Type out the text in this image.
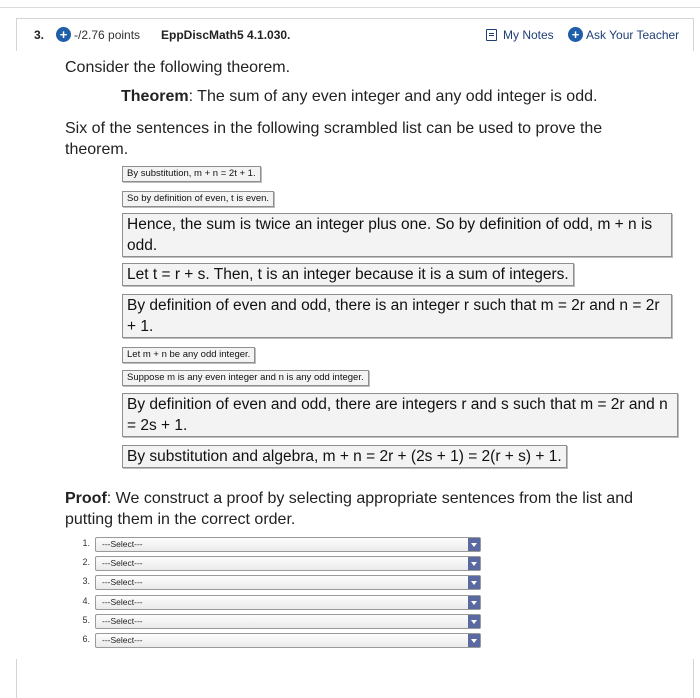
3. + -/2.76 points EppDiscMath5 4.1.030.	My Notes + Ask Your Teacher
Consider the following theorem.
Theorem: The sum of any even integer and any odd integer is odd.
Six of the sentences in the following scrambled list can be used to prove the
theorem.
By substitution, m + n = 2t + 1.
So by definition of even, t is even.
Hence, the sum is twice an integer plus one. So by definition of odd, m + n is odd.
Let t = r + s. Then, t is an integer because it is a sum of integers.
By definition of even and odd, there is an integer r such that m = 2r and n = 2r + 1.
Let m + n be any odd integer.
Suppose m is any even integer and n is any odd integer.
By definition of even and odd, there are integers r and s such that m = 2r and n = 2s + 1.
By substitution and algebra, m + n = 2r + (2s + 1) = 2(r + s) + 1.
Proof: We construct a proof by selecting appropriate sentences from the list and putting them in the correct order.
1.	---Select---
2.	---Select---
3.	---Select---
4.	---Select---
5.	---Select---
6.	---Select---
